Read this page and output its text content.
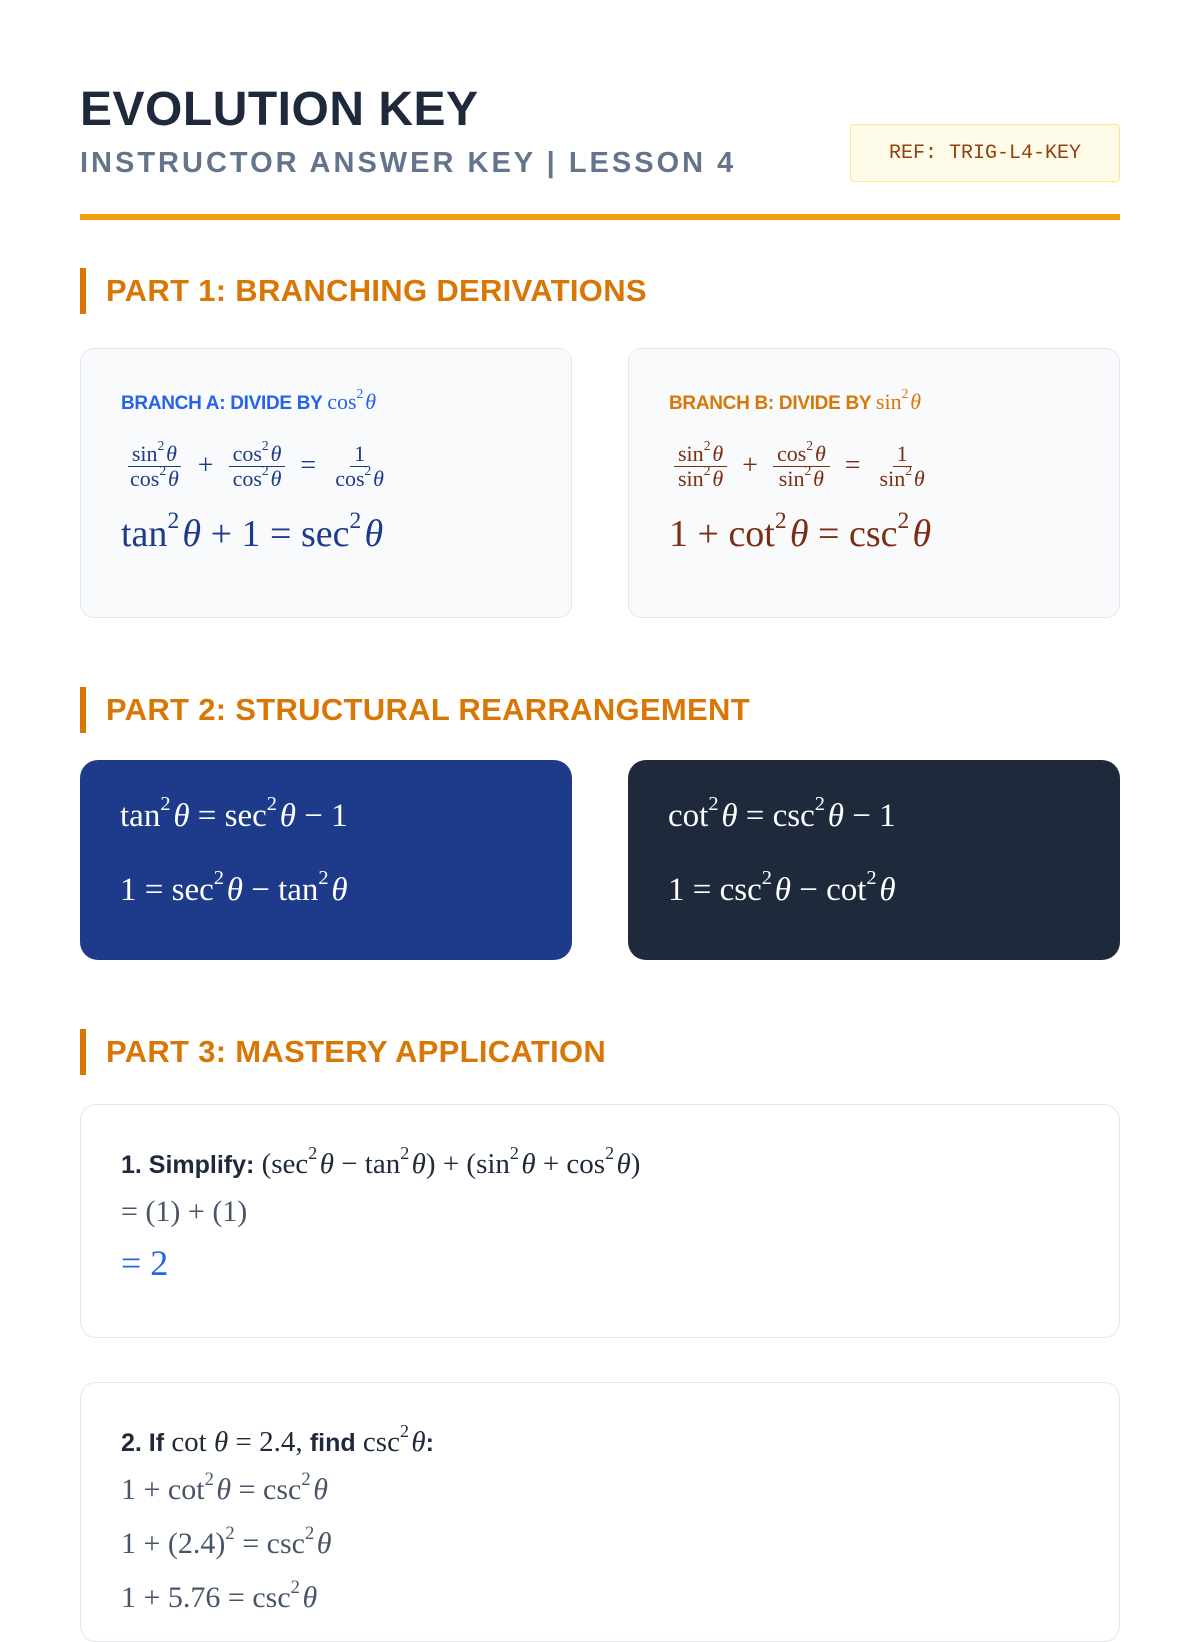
EVOLUTION KEY
INSTRUCTOR ANSWER KEY | LESSON 4	REF: TRIG-L4-KEY
PART 1: BRANCHING DERIVATIONS
BRANCH A: DIVIDE BY $\cos^2$ θ
$\frac{\sin^2 \theta}{\cos^2 \theta} + \frac{\cos^2 \theta}{\cos^2 \theta} = \frac{1}{\cos^2 \theta}$
$\tan^2$ $\theta + 1 = \sec^2$ θ
BRANCH B: DIVIDE BY $\sin^2$ θ
$\frac{\sin^2 \theta}{\sin^2 \theta} + \frac{\cos^2 \theta}{\sin^2 \theta} = \frac{1}{\sin^2 \theta}$
$1 + \cot^2$ $\theta = \csc^2$ θ
PART 2: STRUCTURAL REARRANGEMENT
$\tan^2$ $\theta = \sec^2$ θ − 1
$1 = \sec^2$ $\theta - \tan^2$ θ
$\cot^2$ $\theta = \csc^2$ θ − 1
$1 = \csc^2$ $\theta - \cot^2$ θ
PART 3: MASTERY APPLICATION
1. Simplify: ($\sec^2$ $\theta - \tan^2$ $\theta) + (\sin^2$ $\theta + \cos^2$ θ)
= (1) + (1)
= 2
2. If cot θ = 2.4, find $\csc^2$ θ:
$1 + \cot^2$ $\theta = \csc^2$ θ
$1 + (2.4)^2 = \csc^2$ θ
$1 + 5.76 = \csc^2$ θ
